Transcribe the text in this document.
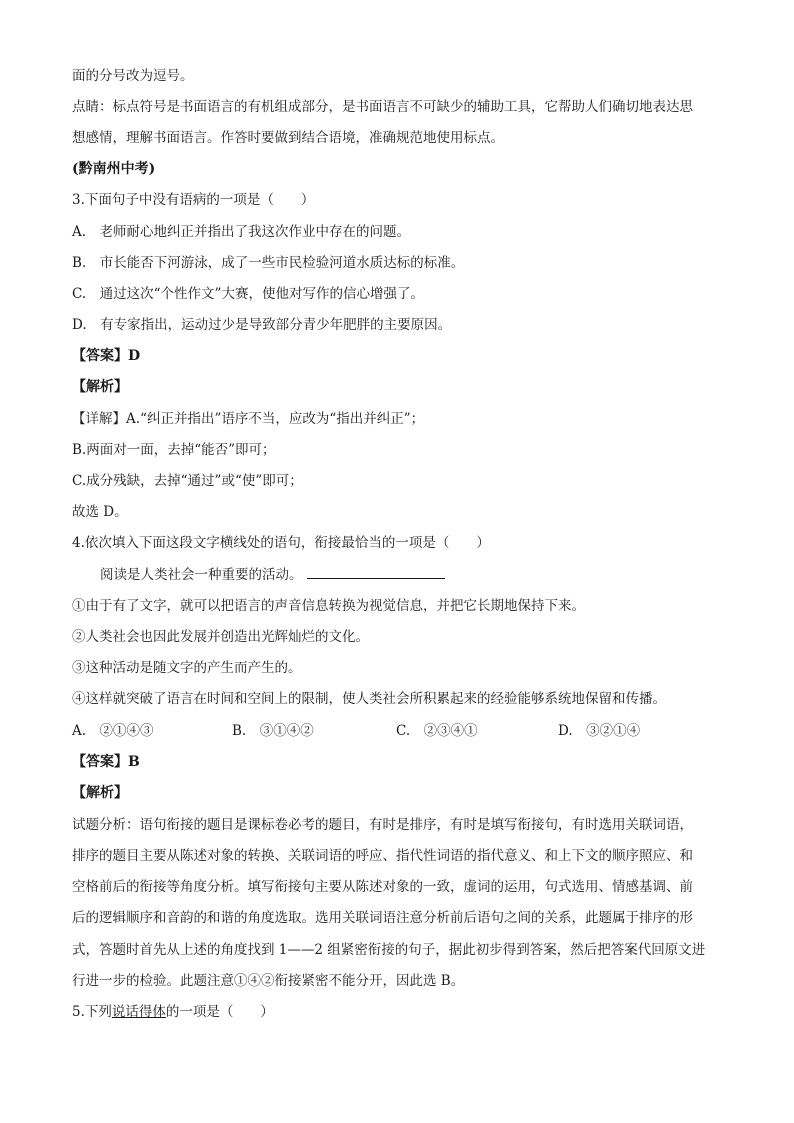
面的分号改为逗号。
点睛：标点符号是书面语言的有机组成部分，是书面语言不可缺少的辅助工具，它帮助人们确切地表达思
想感情，理解书面语言。作答时要做到结合语境，准确规范地使用标点。
(黔南州中考)
3.下面句子中没有语病的一项是（　　）
A.　老师耐心地纠正并指出了我这次作业中存在的问题。
B.　市长能否下河游泳，成了一些市民检验河道水质达标的标准。
C.　通过这次“个性作文”大赛，使他对写作的信心增强了。
D.　有专家指出，运动过少是导致部分青少年肥胖的主要原因。
【答案】D
【解析】
【详解】A.“纠正并指出”语序不当，应改为“指出并纠正”；
B.两面对一面，去掉“能否”即可；
C.成分残缺，去掉“通过”或“使”即可；
故选 D。
4.依次填入下面这段文字横线处的语句，衔接最恰当的一项是（　　）
阅读是人类社会一种重要的活动。
①由于有了文字，就可以把语言的声音信息转换为视觉信息，并把它长期地保持下来。
②人类社会也因此发展并创造出光辉灿烂的文化。
③这种活动是随文字的产生而产生的。
④这样就突破了语言在时间和空间上的限制，使人类社会所积累起来的经验能够系统地保留和传播。
A.　②①④③	B.　③①④②	C.　②③④①	D.　③②①④
【答案】B
【解析】
试题分析：语句衔接的题目是课标卷必考的题目，有时是排序，有时是填写衔接句，有时选用关联词语，
排序的题目主要从陈述对象的转换、关联词语的呼应、指代性词语的指代意义、和上下文的顺序照应、和
空格前后的衔接等角度分析。填写衔接句主要从陈述对象的一致，虚词的运用，句式选用、情感基调、前
后的逻辑顺序和音韵的和谐的角度选取。选用关联词语注意分析前后语句之间的关系，此题属于排序的形
式，答题时首先从上述的角度找到 1——2 组紧密衔接的句子，据此初步得到答案，然后把答案代回原文进
行进一步的检验。此题注意①④②衔接紧密不能分开，因此选 B。
5.下列说话得体的一项是（　　）
